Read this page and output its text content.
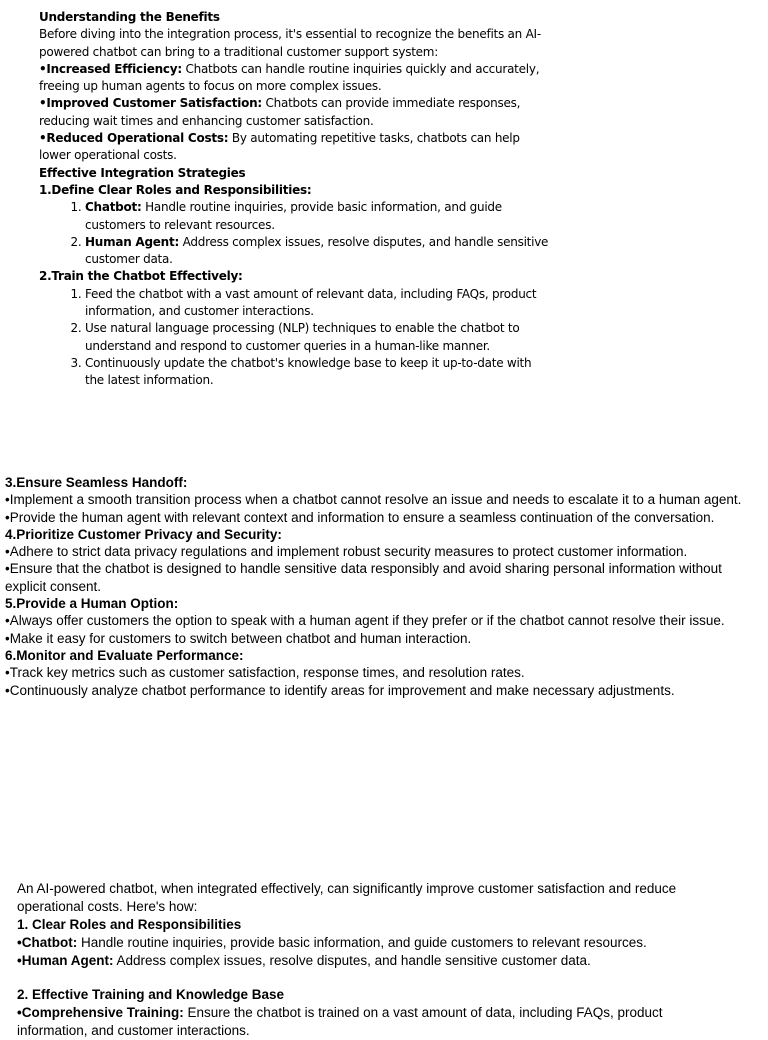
Understanding the Benefits

Before diving into the integration process, it's essential to recognize the benefits an AI-powered chatbot can bring to a traditional customer support system:

•Increased Efficiency: Chatbots can handle routine inquiries quickly and accurately, freeing up human agents to focus on more complex issues.

•Improved Customer Satisfaction: Chatbots can provide immediate responses, reducing wait times and enhancing customer satisfaction.

•Reduced Operational Costs: By automating repetitive tasks, chatbots can help lower operational costs.

Effective Integration Strategies

1.Define Clear Roles and Responsibilities:

1. Chatbot: Handle routine inquiries, provide basic information, and guide customers to relevant resources.
2. Human Agent: Address complex issues, resolve disputes, and handle sensitive customer data.

2.Train the Chatbot Effectively:

1. Feed the chatbot with a vast amount of relevant data, including FAQs, product information, and customer interactions.
2. Use natural language processing (NLP) techniques to enable the chatbot to understand and respond to customer queries in a human-like manner.
3. Continuously update the chatbot's knowledge base to keep it up-to-date with the latest information.

3.Ensure Seamless Handoff:

•Implement a smooth transition process when a chatbot cannot resolve an issue and needs to escalate it to a human agent.

•Provide the human agent with relevant context and information to ensure a seamless continuation of the conversation.

4.Prioritize Customer Privacy and Security:

•Adhere to strict data privacy regulations and implement robust security measures to protect customer information.

•Ensure that the chatbot is designed to handle sensitive data responsibly and avoid sharing personal information without explicit consent.

5.Provide a Human Option:

•Always offer customers the option to speak with a human agent if they prefer or if the chatbot cannot resolve their issue.

•Make it easy for customers to switch between chatbot and human interaction.

6.Monitor and Evaluate Performance:

•Track key metrics such as customer satisfaction, response times, and resolution rates.

•Continuously analyze chatbot performance to identify areas for improvement and make necessary adjustments.

An AI-powered chatbot, when integrated effectively, can significantly improve customer satisfaction and reduce operational costs. Here's how:

1. Clear Roles and Responsibilities

•Chatbot: Handle routine inquiries, provide basic information, and guide customers to relevant resources.

•Human Agent: Address complex issues, resolve disputes, and handle sensitive customer data.

2. Effective Training and Knowledge Base

•Comprehensive Training: Ensure the chatbot is trained on a vast amount of data, including FAQs, product information, and customer interactions.
